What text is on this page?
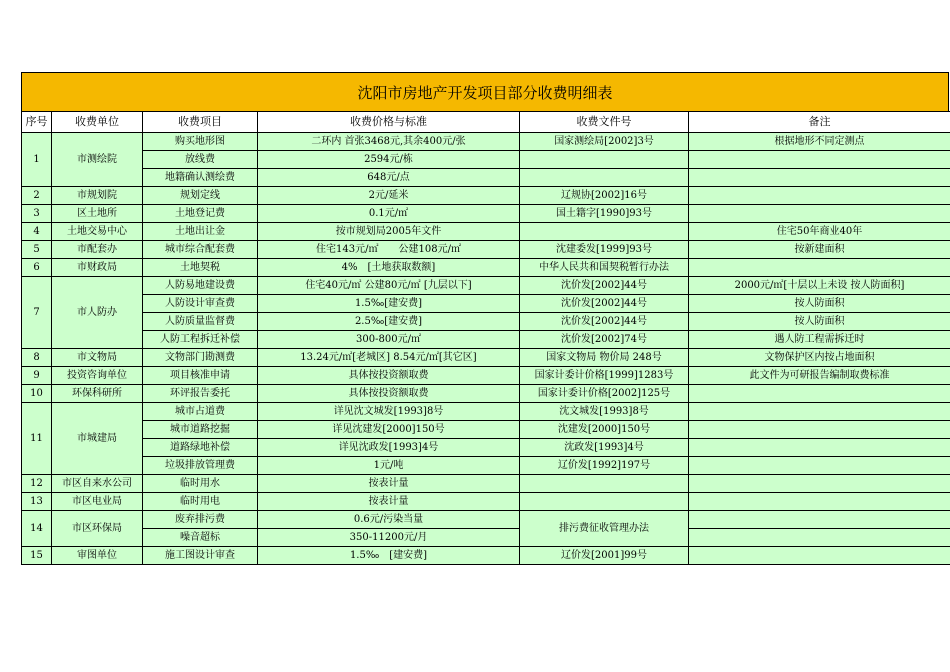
沈阳市房地产开发项目部分收费明细表
序号	收费单位	收费项目	收费价格与标准	收费文件号	备注
1	市测绘院	购买地形图	二环内 首张3468元,其余400元/张	国家测绘局[2002]3号	根据地形不同定测点
		放线费	2594元/栋		
		地籍确认测绘费	648元/点		
2	市规划院	规划定线	2元/延米	辽规协[2002]16号	
3	区土地所	土地登记费	0.1元/㎡	国土籍字[1990]93号	
4	土地交易中心	土地出让金	按市规划局2005年文件		住宅50年商业40年
5	市配套办	城市综合配套费	住宅143元/㎡　　公建108元/㎡	沈建委发[1999]93号	按新建面积
6	市财政局	土地契税	4%　[土地获取数额]	中华人民共和国契税暂行办法	
7	市人防办	人防易地建设费	住宅40元/㎡ 公建80元/㎡ [九层以下]	沈价发[2002]44号	2000元/㎡[十层以上未设 按人防面积]
		人防设计审查费	1.5‰[建安费]	沈价发[2002]44号	按人防面积
		人防质量监督费	2.5‰[建安费]	沈价发[2002]44号	按人防面积
		人防工程拆迁补偿	300-800元/㎡	沈价发[2002]74号	遇人防工程需拆迁时
8	市文物局	文物部门勘测费	13.24元/㎡[老城区] 8.54元/㎡[其它区]	国家文物局 物价局 248号	文物保护区内按占地面积
9	投资咨询单位	项目核准申请	具体按投资额取费	国家计委计价格[1999]1283号	此文件为可研报告编制取费标准
10	环保科研所	环评报告委托	具体按投资额取费	国家计委计价格[2002]125号	
11	市城建局	城市占道费	详见沈文城发[1993]8号	沈文城发[1993]8号	
		城市道路挖掘	详见沈建发[2000]150号	沈建发[2000]150号	
		道路绿地补偿	详见沈政发[1993]4号	沈政发[1993]4号	
		垃圾排放管理费	1元/吨	辽价发[1992]197号	
12	市区自来水公司	临时用水	按表计量		
13	市区电业局	临时用电	按表计量		
14	市区环保局	废弃排污费	0.6元/污染当量	排污费征收管理办法	
		噪音超标	350-11200元/月		
15	审图单位	施工图设计审查	1.5‰　[建安费]	辽价发[2001]99号	
